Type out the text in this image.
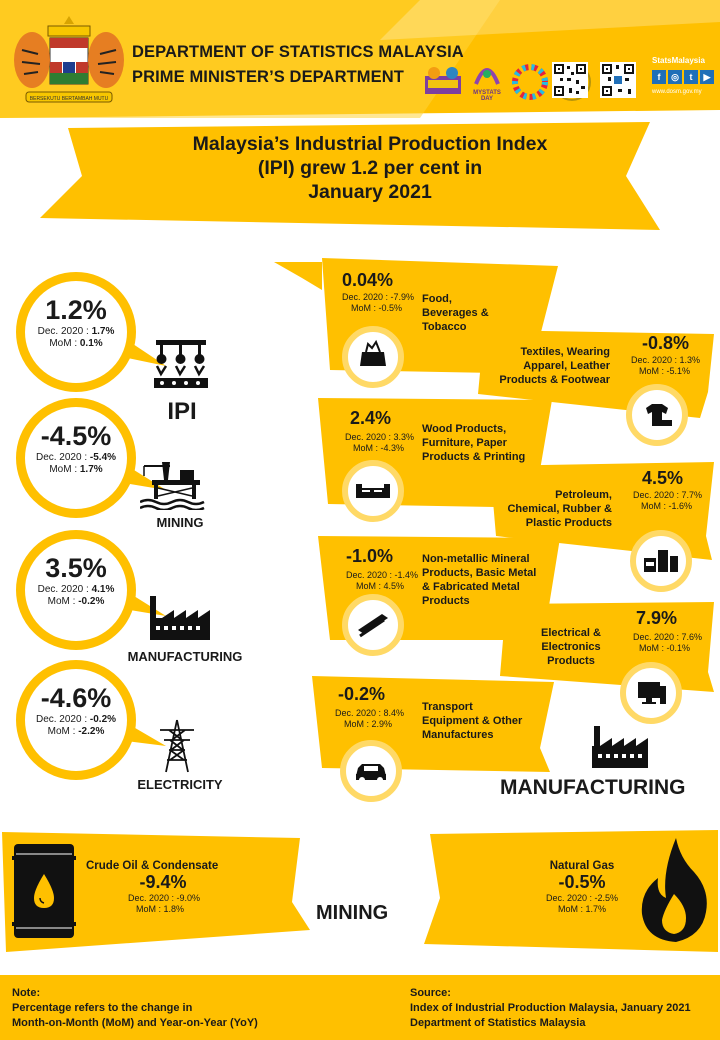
BERSEKUTU BERTAMBAH MUTU
DEPARTMENT OF STATISTICS MALAYSIA
PRIME MINISTER’S DEPARTMENT
MYSTATS DAY
StatsMalaysia
f	◎	t	▶
www.dosm.gov.my
Malaysia’s Industrial Production Index
(IPI) grew 1.2 per cent in
January 2021
1.2%
Dec. 2020 : 1.7%
MoM : 0.1%
IPI
-4.5%
Dec. 2020 : -5.4%
MoM : 1.7%
MINING
3.5%
Dec. 2020 : 4.1%
MoM : -0.2%
MANUFACTURING
-4.6%
Dec. 2020 : -0.2%
MoM : -2.2%
ELECTRICITY
0.04%
Dec. 2020 : -7.9%
MoM : -0.5%
Food,
Beverages &
Tobacco
Textiles, Wearing
Apparel, Leather
Products & Footwear
-0.8%
Dec. 2020 : 1.3%
MoM : -5.1%
2.4%
Dec. 2020 : 3.3%
MoM : -4.3%
Wood Products,
Furniture, Paper
Products & Printing
Petroleum,
Chemical, Rubber &
Plastic Products
4.5%
Dec. 2020 : 7.7%
MoM : -1.6%
-1.0%
Dec. 2020 : -1.4%
MoM : 4.5%
Non-metallic Mineral
Products, Basic Metal
& Fabricated Metal
Products
Electrical &
Electronics
Products
7.9%
Dec. 2020 : 7.6%
MoM : -0.1%
-0.2%
Dec. 2020 : 8.4%
MoM : 2.9%
Transport
Equipment & Other
Manufactures
MANUFACTURING
Crude Oil & Condensate
-9.4%
Dec. 2020 : -9.0%
MoM : 1.8%	MINING
Natural Gas
-0.5%
Dec. 2020 : -2.5%
MoM : 1.7%
Note:
Percentage refers to the change in
Month-on-Month (MoM) and Year-on-Year (YoY)
Source:
Index of Industrial Production Malaysia, January 2021
Department of Statistics Malaysia
